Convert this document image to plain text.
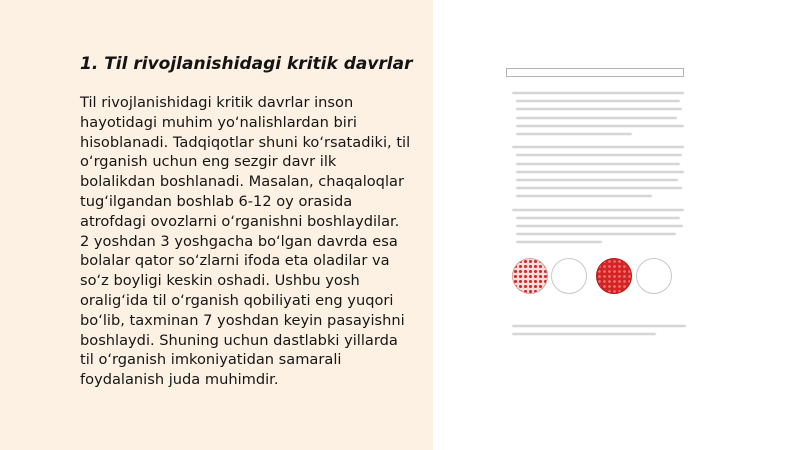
1. Til rivojlanishidagi kritik davrlar

Til rivojlanishidagi kritik davrlar inson hayotidagi muhim yo‘nalishlardan biri hisoblanadi. Tadqiqotlar shuni ko‘rsatadiki, til o‘rganish uchun eng sezgir davr ilk bolalikdan boshlanadi. Masalan, chaqaloqlar tug‘ilgandan boshlab 6-12 oy orasida atrofdagi ovozlarni o‘rganishni boshlaydilar. 2 yoshdan 3 yoshgacha bo‘lgan davrda esa bolalar qator so‘zlarni ifoda eta oladilar va so‘z boyligi keskin oshadi. Ushbu yosh oralig‘ida til o‘rganish qobiliyati eng yuqori bo‘lib, taxminan 7 yoshdan keyin pasayishni boshlaydi. Shuning uchun dastlabki yillarda til o‘rganish imkoniyatidan samarali foydalanish juda muhimdir.
